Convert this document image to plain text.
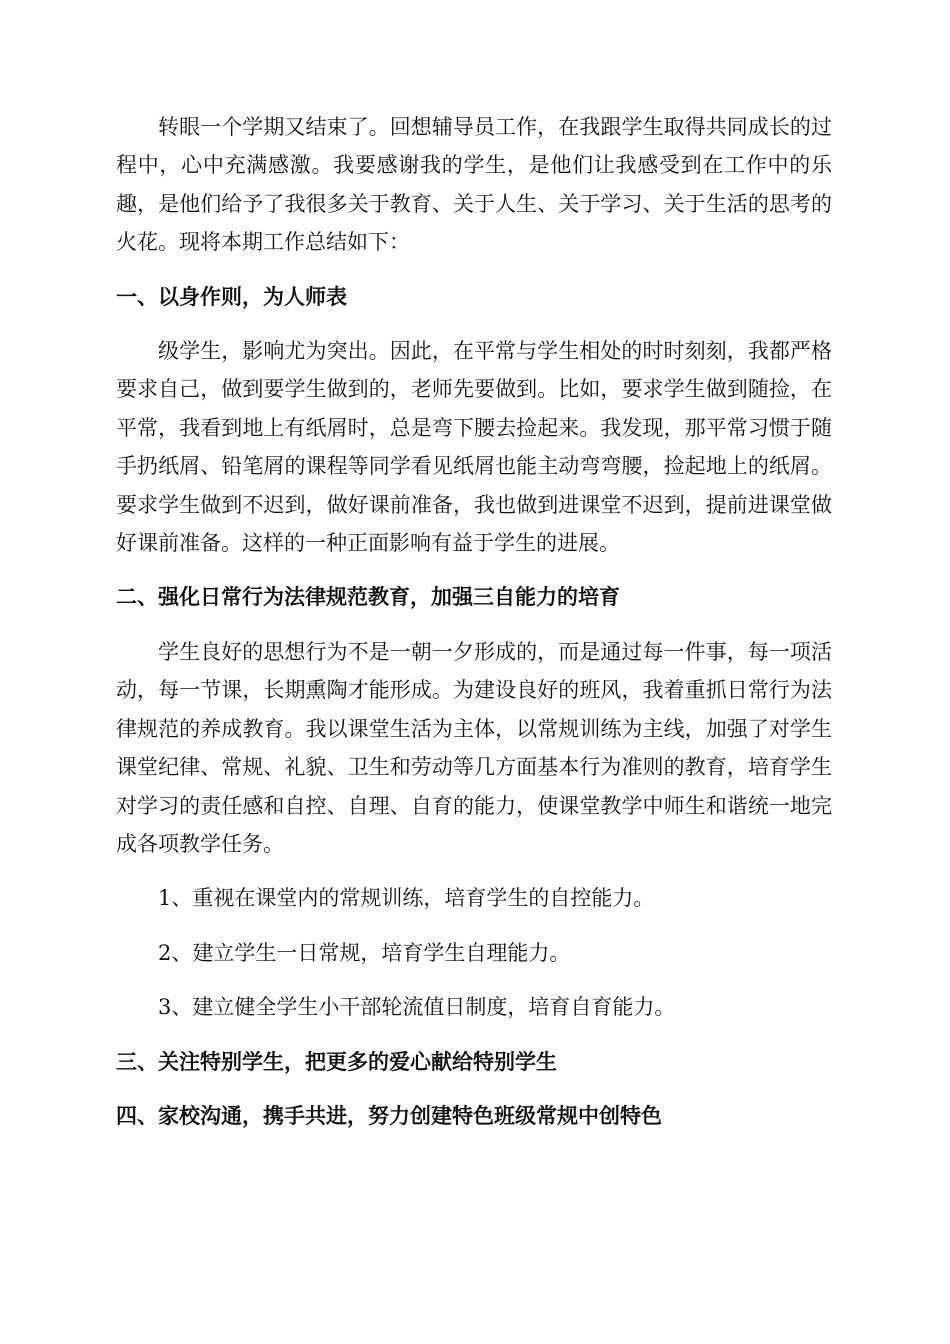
转眼一个学期又结束了。回想辅导员工作，在我跟学生取得共同成长的过程中，心中充满感激。我要感谢我的学生，是他们让我感受到在工作中的乐趣，是他们给予了我很多关于教育、关于人生、关于学习、关于生活的思考的火花。现将本期工作总结如下：

一、以身作则，为人师表

级学生，影响尤为突出。因此，在平常与学生相处的时时刻刻，我都严格要求自己，做到要学生做到的，老师先要做到。比如，要求学生做到随捡，在平常，我看到地上有纸屑时，总是弯下腰去捡起来。我发现，那平常习惯于随手扔纸屑、铅笔屑的课程等同学看见纸屑也能主动弯弯腰，捡起地上的纸屑。要求学生做到不迟到，做好课前准备，我也做到进课堂不迟到，提前进课堂做好课前准备。这样的一种正面影响有益于学生的进展。

二、强化日常行为法律规范教育，加强三自能力的培育

学生良好的思想行为不是一朝一夕形成的，而是通过每一件事，每一项活动，每一节课，长期熏陶才能形成。为建设良好的班风，我着重抓日常行为法律规范的养成教育。我以课堂生活为主体，以常规训练为主线，加强了对学生课堂纪律、常规、礼貌、卫生和劳动等几方面基本行为准则的教育，培育学生对学习的责任感和自控、自理、自育的能力，使课堂教学中师生和谐统一地完成各项教学任务。

1、重视在课堂内的常规训练，培育学生的自控能力。

2、建立学生一日常规，培育学生自理能力。

3、建立健全学生小干部轮流值日制度，培育自育能力。

三、关注特别学生，把更多的爱心献给特别学生
四、家校沟通，携手共进，努力创建特色班级常规中创特色
